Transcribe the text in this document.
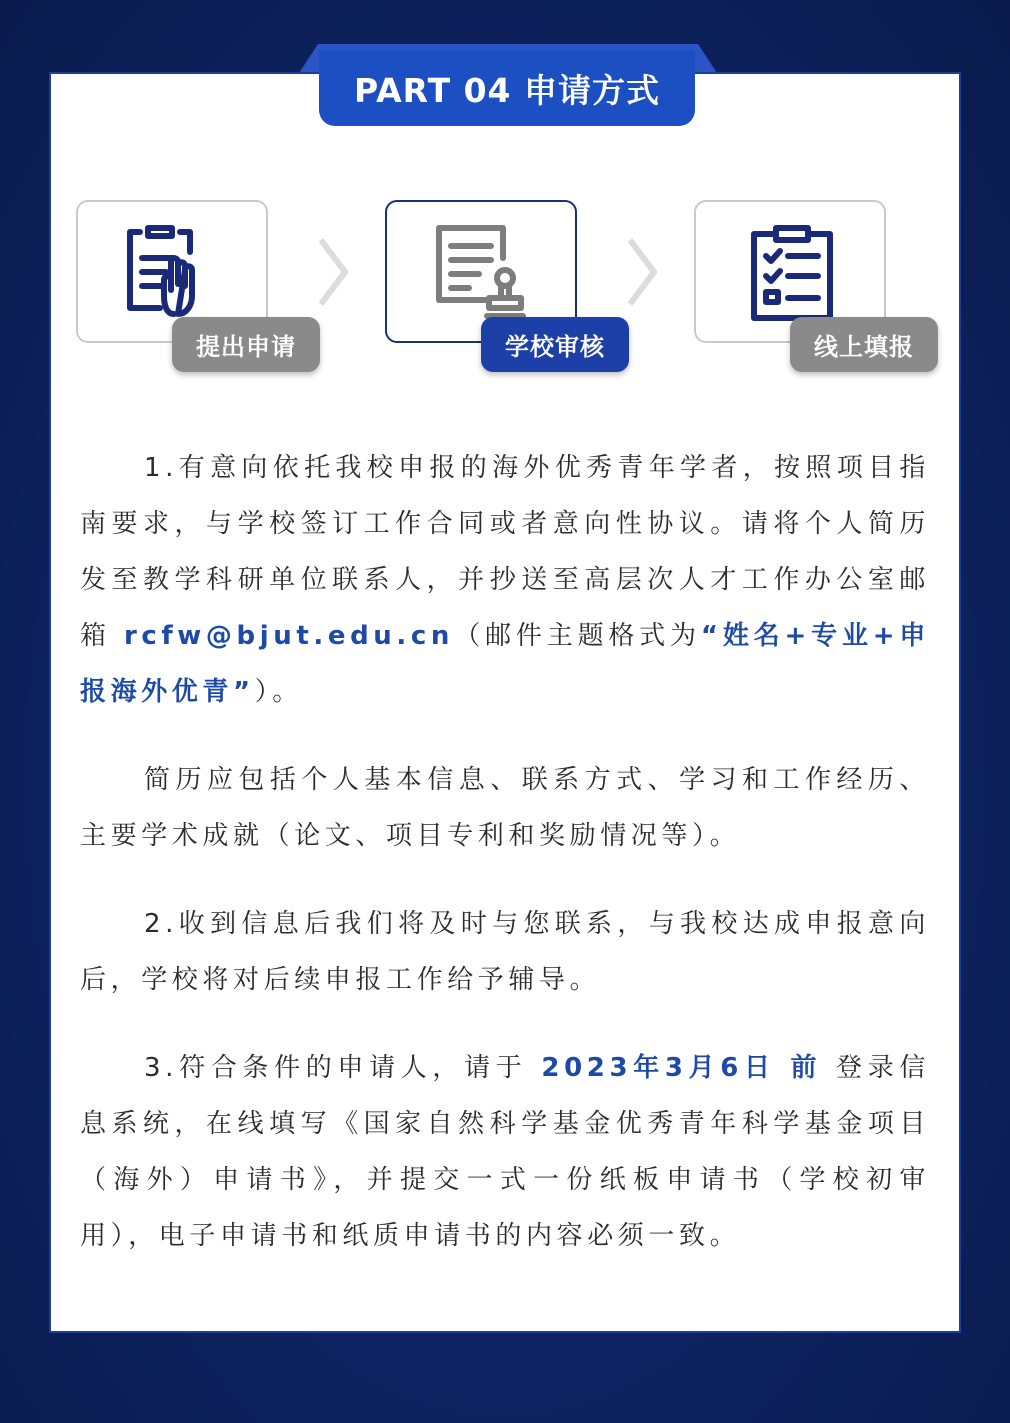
PART 04 申请方式
提出申请	学校审核	线上填报

1.有意向依托我校申报的海外优秀青年学者，按照项目指南要求，与学校签订工作合同或者意向性协议。请将个人简历发至教学科研单位联系人，并抄送至高层次人才工作办公室邮箱 rcfw@bjut.edu.cn（邮件主题格式为“姓名+专业+申报海外优青”）。

简历应包括个人基本信息、联系方式、学习和工作经历、主要学术成就（论文、项目专利和奖励情况等）。

2.收到信息后我们将及时与您联系，与我校达成申报意向后，学校将对后续申报工作给予辅导。

3.符合条件的申请人，请于 2023年3月6日 前 登录信息系统，在线填写《国家自然科学基金优秀青年科学基金项目（海外）申请书》，并提交一式一份纸板申请书（学校初审用），电子申请书和纸质申请书的内容必须一致。
